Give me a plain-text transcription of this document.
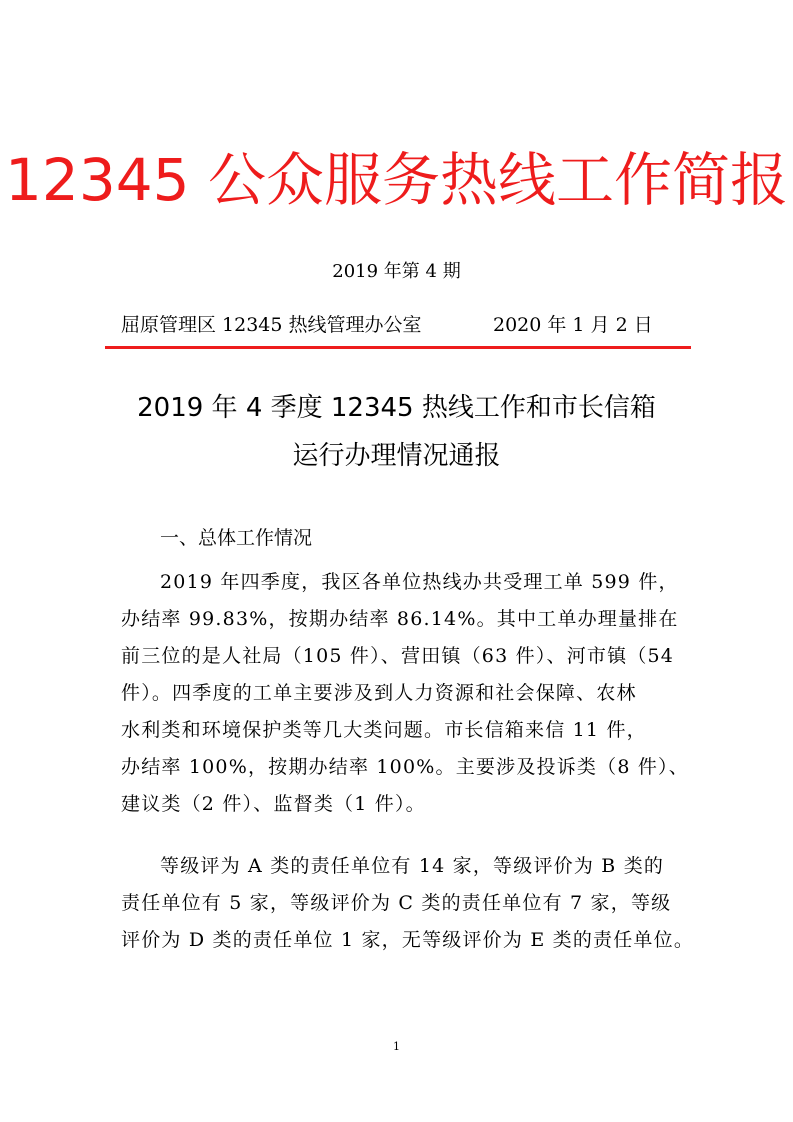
12345 公众服务热线工作简报
2019 年第 4 期
屈原管理区 12345 热线管理办公室	2020 年 1 月 2 日
2019 年 4 季度 12345 热线工作和市长信箱
运行办理情况通报
一、总体工作情况
2019 年四季度，我区各单位热线办共受理工单 599 件，
办结率 99.83%，按期办结率 86.14%。其中工单办理量排在
前三位的是人社局（105 件）、营田镇（63 件）、河市镇（54
件）。四季度的工单主要涉及到人力资源和社会保障、农林
水利类和环境保护类等几大类问题。市长信箱来信 11 件，
办结率 100%，按期办结率 100%。主要涉及投诉类（8 件）、
建议类（2 件）、监督类（1 件）。
等级评为 A 类的责任单位有 14 家，等级评价为 B 类的
责任单位有 5 家，等级评价为 C 类的责任单位有 7 家，等级
评价为 D 类的责任单位 1 家，无等级评价为 E 类的责任单位。
1
